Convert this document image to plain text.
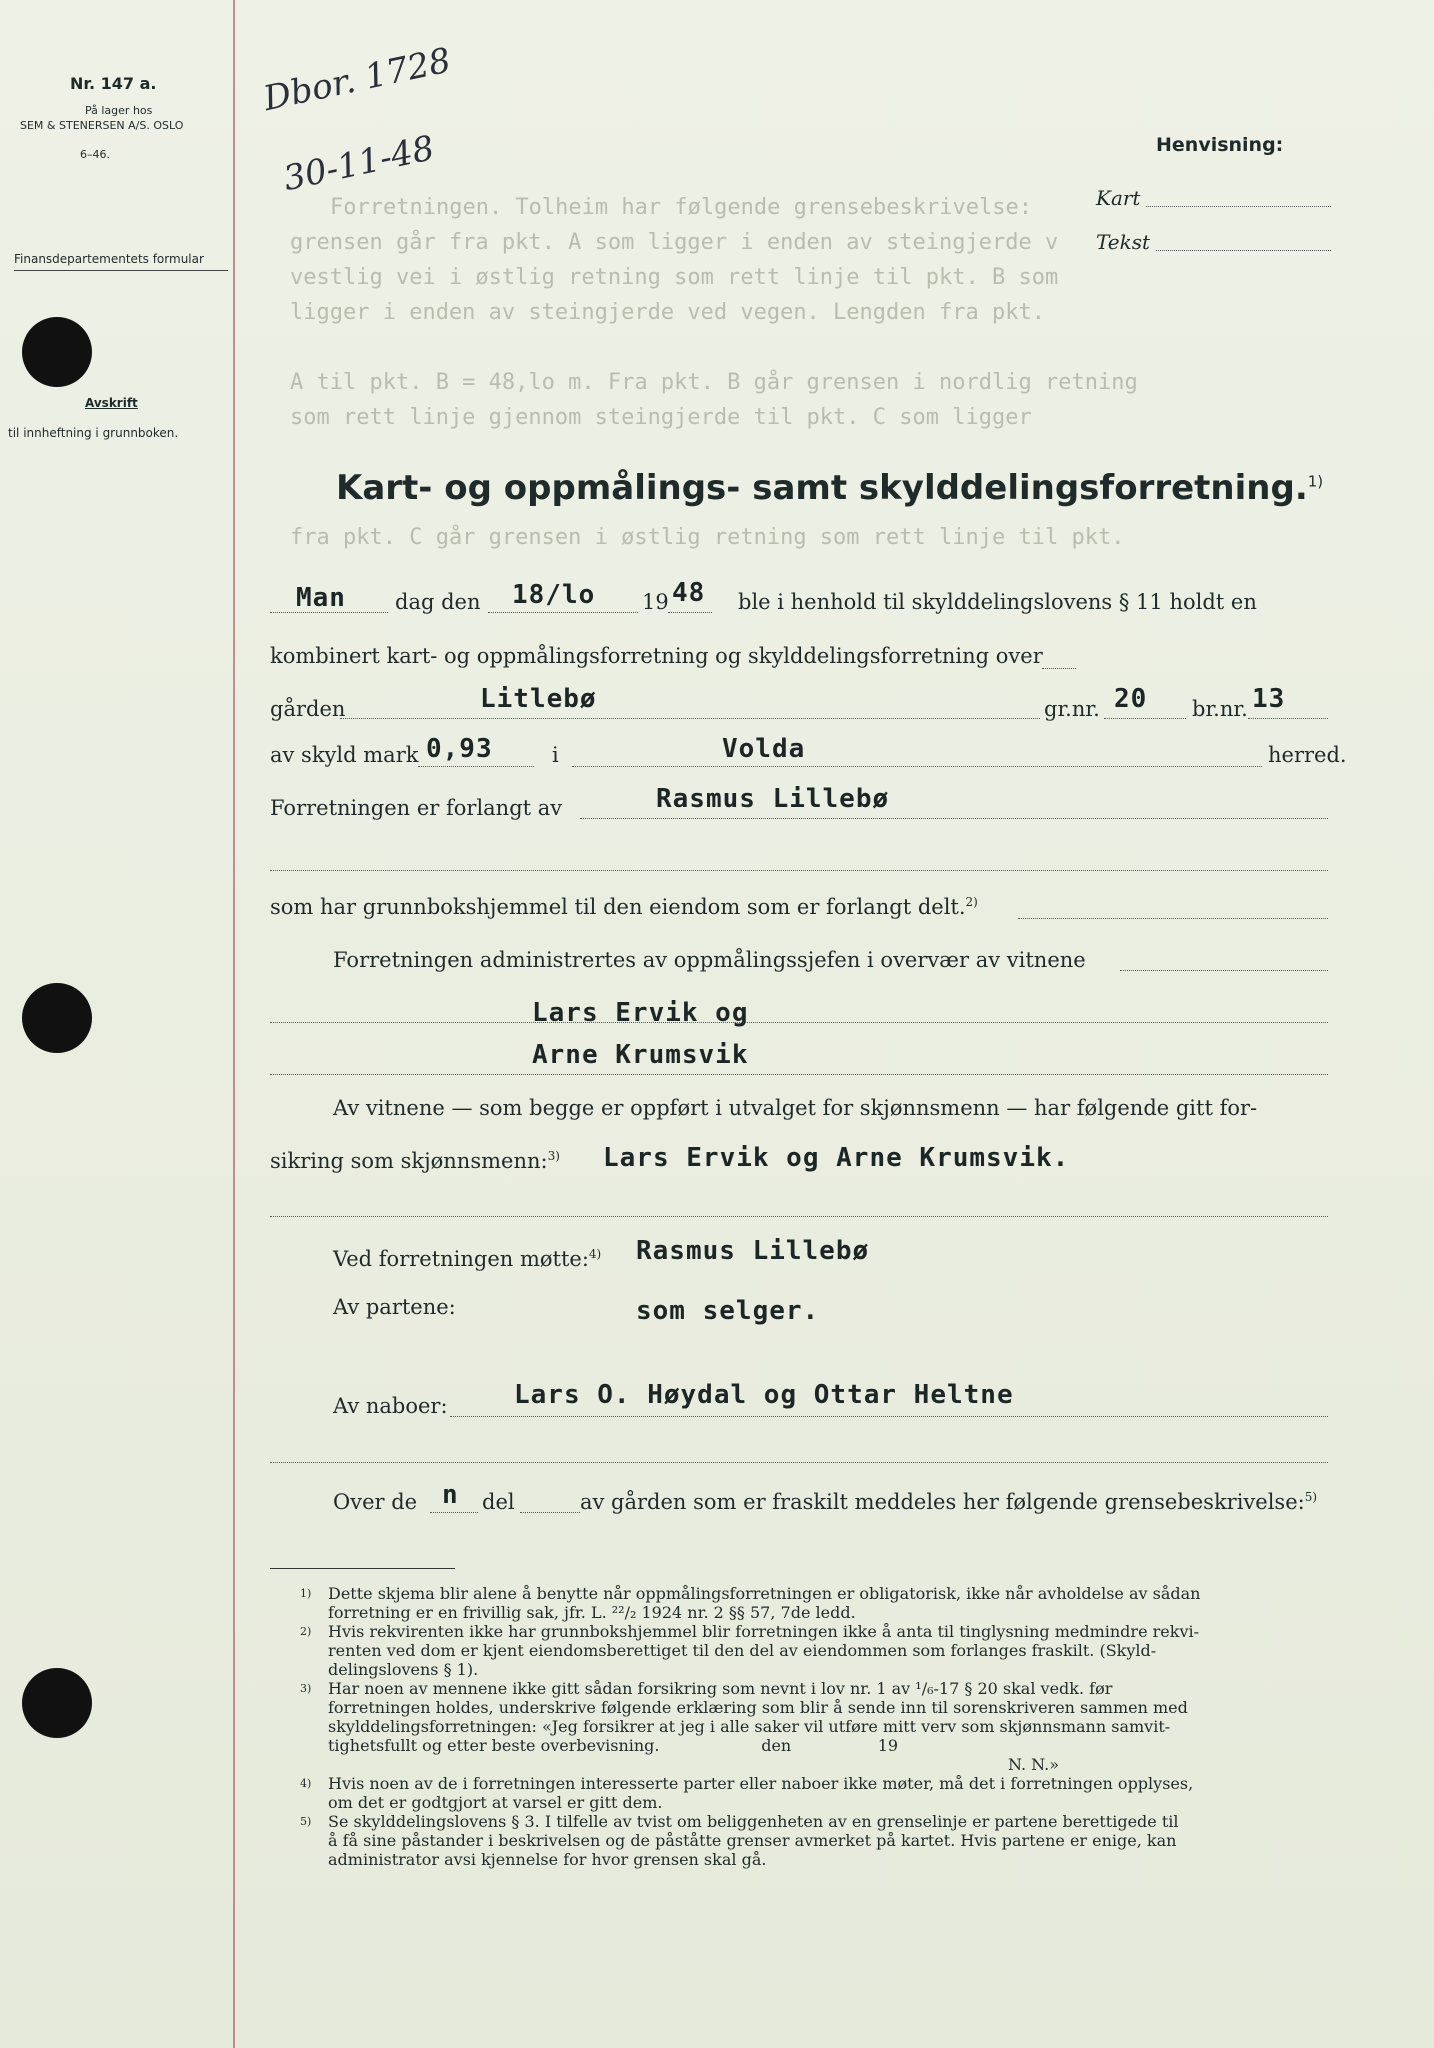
Forretningen. Tolheim har følgende grensebeskrivelse:
grensen går fra pkt. A som ligger i enden av steingjerde v
vestlig vei i østlig retning som rett linje til pkt. B som
ligger i enden av steingjerde ved vegen. Lengden fra pkt.
A til pkt. B = 48,lo m. Fra pkt. B går grensen i nordlig retning
som rett linje gjennom steingjerde til pkt. C som ligger
fra pkt. C går grensen i østlig retning som rett linje til pkt.
Nr. 147 a.
På lager hos
SEM & STENERSEN A/S. OSLO
6–46.
Finansdepartementets formular
Avskrift
til innheftning i grunnboken.
Dbor. 1728
30-11-48	Henvisning:
Kart
Tekst
Kart- og oppmålings- samt skylddelingsforretning.$^{1)}$
Man dag den 18/lo 19 48 ble i henhold til skylddelingslovens § 11 holdt en
kombinert kart- og oppmålingsforretning og skylddelingsforretning over
gården	Litlebø	gr.nr. 20 br.nr. 13
av skyld mark 0,93	i	Volda	herred.
Forretningen er forlangt av	Rasmus Lillebø
som har grunnbokshjemmel til den eiendom som er forlangt delt.$^{2)}$
Forretningen administrertes av oppmålingssjefen i overvær av vitnene
Lars Ervik og
Arne Krumsvik
Av vitnene — som begge er oppført i utvalget for skjønnsmenn — har følgende gitt for-
sikring som skjønnsmenn:$^{3)}$ Lars Ervik og Arne Krumsvik.
Ved forretningen møtte:$^{4)}$ Rasmus Lillebø
Av partene:	som selger.
Av naboer:	Lars O. Høydal og Ottar Heltne
Over de n del	av gården som er fraskilt meddeles her følgende grensebeskrivelse:$^{5)}$
1) Dette skjema blir alene å benytte når oppmålingsforretningen er obligatorisk, ikke når avholdelse av sådan
forretning er en frivillig sak, jfr. L. ²²/₂ 1924 nr. 2 §§ 57, 7de ledd.
2) Hvis rekvirenten ikke har grunnbokshjemmel blir forretningen ikke å anta til tinglysning medmindre rekvi-
renten ved dom er kjent eiendomsberettiget til den del av eiendommen som forlanges fraskilt. (Skyld-
delingslovens § 1).
3) Har noen av mennene ikke gitt sådan forsikring som nevnt i lov nr. 1 av ¹/₆-17 § 20 skal vedk. før
forretningen holdes, underskrive følgende erklæring som blir å sende inn til sorenskriveren sammen med
skylddelingsforretningen: «Jeg forsikrer at jeg i alle saker vil utføre mitt verv som skjønnsmann samvit-
tighetsfullt og etter beste overbevisning.                    den                 19
N. N.»
4) Hvis noen av de i forretningen interesserte parter eller naboer ikke møter, må det i forretningen opplyses,
om det er godtgjort at varsel er gitt dem.
5) Se skylddelingslovens § 3. I tilfelle av tvist om beliggenheten av en grenselinje er partene berettigede til
å få sine påstander i beskrivelsen og de påståtte grenser avmerket på kartet. Hvis partene er enige, kan
administrator avsi kjennelse for hvor grensen skal gå.
